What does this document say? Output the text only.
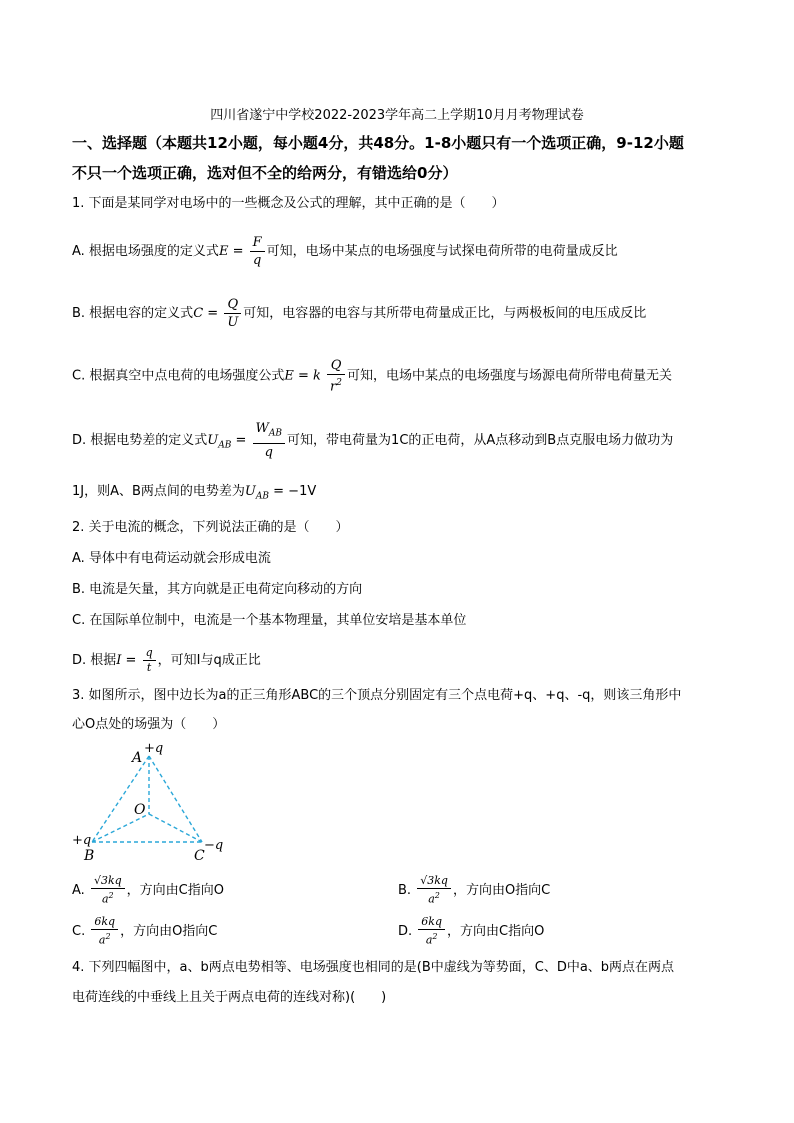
四川省遂宁中学校2022-2023学年高二上学期10月月考物理试卷
一、选择题（本题共12小题，每小题4分，共48分。1-8小题只有一个选项正确，9-12小题
不只一个选项正确，选对但不全的给两分，有错选给0分）
1. 下面是某同学对电场中的一些概念及公式的理解，其中正确的是（　　）
A. 根据电场强度的定义式$E = \frac{F}{q}$ 可知，电场中某点的电场强度与试探电荷所带的电荷量成反比
B. 根据电容的定义式$C = \frac{Q}{U}$ 可知，电容器的电容与其所带电荷量成正比，与两极板间的电压成反比
C. 根据真空中点电荷的电场强度公式E = k $\frac{Q}{r^2}$ 可知，电场中某点的电场强度与场源电荷所带电荷量无关
D. 根据电势差的定义式$U_{AB} = \frac{W_{AB}}{q}$ 可知，带电荷量为1C的正电荷，从A点移动到B点克服电场力做功为
1J，则A、B两点间的电势差为$U_{AB} = -1V$
2. 关于电流的概念，下列说法正确的是（　　）
A. 导体中有电荷运动就会形成电流
B. 电流是矢量，其方向就是正电荷定向移动的方向
C. 在国际单位制中，电流是一个基本物理量，其单位安培是基本单位
D. 根据$I = \frac{q}{t}$ ，可知I与q成正比
3. 如图所示，图中边长为a的正三角形ABC的三个顶点分别固定有三个点电荷+q、+q、-q，则该三角形中
心O点处的场强为（　　）
A
+q
O
+q
B
−q
C
A. $\frac{√3kq}{a^2}$ ，方向由C指向O	B. $\frac{√3kq}{a^2}$ ，方向由O指向C
C. $\frac{6kq}{a^2}$ ，方向由O指向C	D. $\frac{6kq}{a^2}$ ，方向由C指向O
4. 下列四幅图中，a、b两点电势相等、电场强度也相同的是(B中虚线为等势面，C、D中a、b两点在两点
电荷连线的中垂线上且关于两点电荷的连线对称)(　　)
